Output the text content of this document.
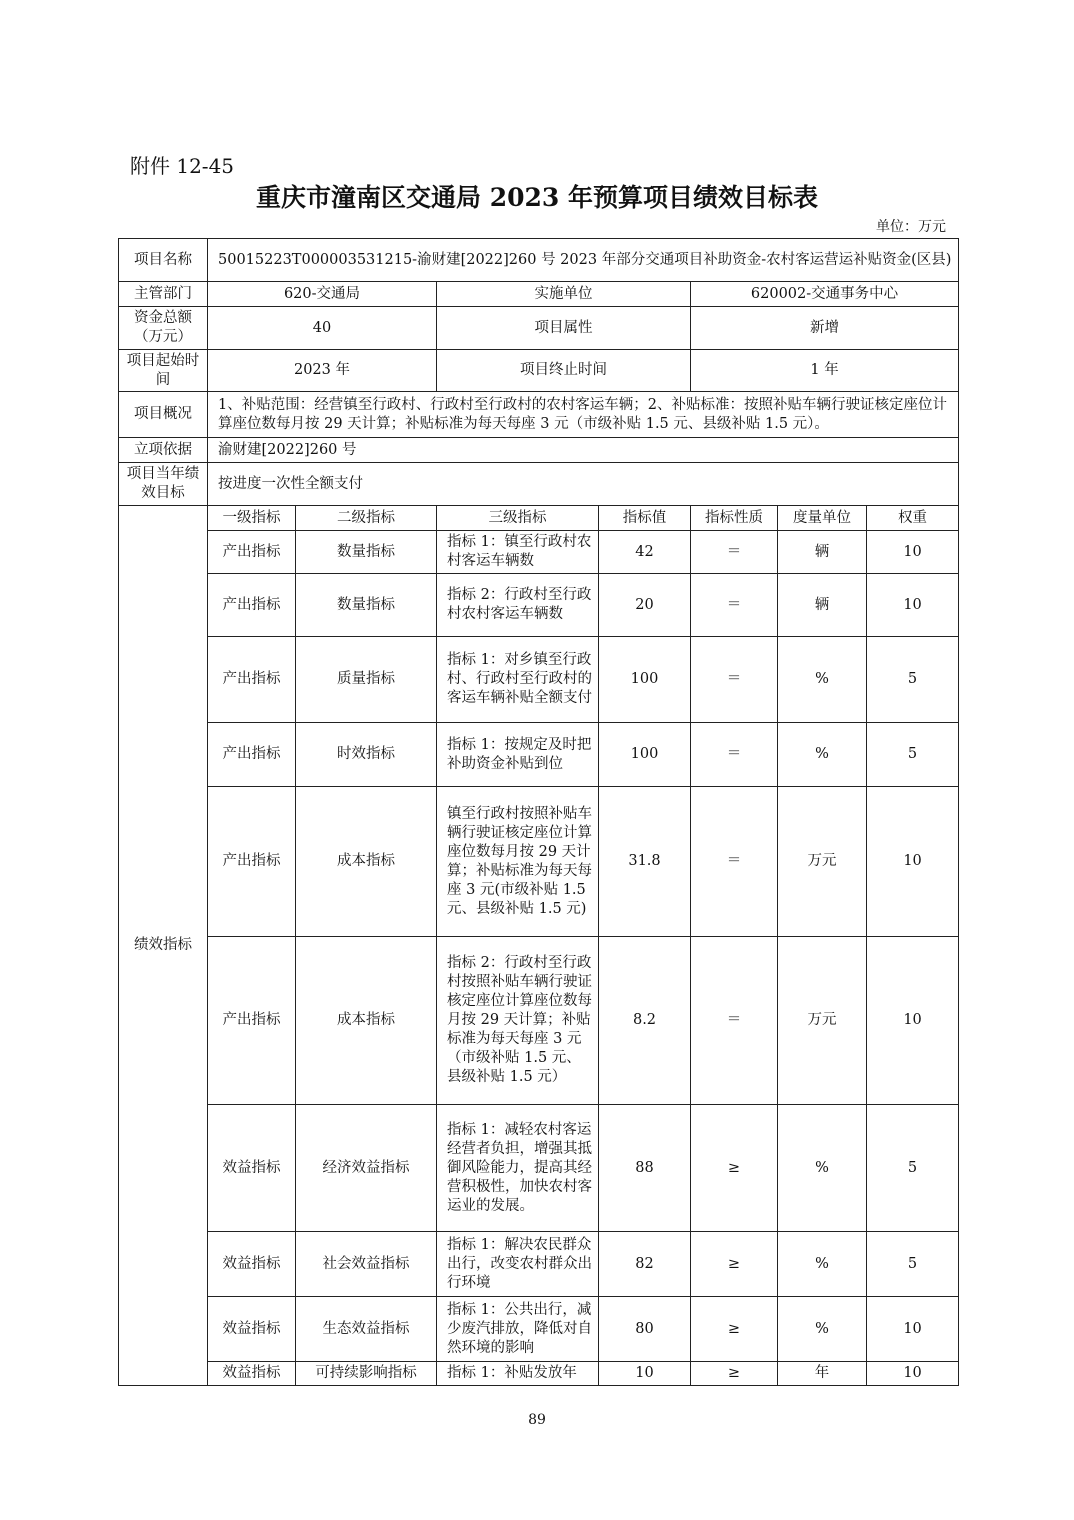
附件 12-45
重庆市潼南区交通局 2023 年预算项目绩效目标表
单位：万元
项目名称	50015223T000003531215-渝财建[2022]260 号 2023 年部分交通项目补助资金-农村客运营运补贴资金(区县)						
主管部门	620-交通局		实施单位		620002-交通事务中心		
资金总额（万元）	40		项目属性		新增		
项目起始时间	2023 年		项目终止时间		1 年		
项目概况	1、补贴范围：经营镇至行政村、行政村至行政村的农村客运车辆；2、补贴标准：按照补贴车辆行驶证核定座位计算座位数每月按 29 天计算；补贴标准为每天每座 3 元（市级补贴 1.5 元、县级补贴 1.5 元）。						
立项依据	渝财建[2022]260 号						
项目当年绩效目标	按进度一次性全额支付						
绩效指标	一级指标	二级指标	三级指标	指标值	指标性质	度量单位	权重
	产出指标	数量指标	指标 1：镇至行政村农村客运车辆数	42	＝	辆	10
	产出指标	数量指标	指标 2：行政村至行政村农村客运车辆数	20	＝	辆	10
	产出指标	质量指标	指标 1：对乡镇至行政村、行政村至行政村的客运车辆补贴全额支付	100	＝	%	5
	产出指标	时效指标	指标 1：按规定及时把补助资金补贴到位	100	＝	%	5
	产出指标	成本指标	镇至行政村按照补贴车辆行驶证核定座位计算座位数每月按 29 天计算；补贴标准为每天每座 3 元(市级补贴 1.5 元、县级补贴 1.5 元)	31.8	＝	万元	10
	产出指标	成本指标	指标 2：行政村至行政村按照补贴车辆行驶证核定座位计算座位数每月按 29 天计算；补贴标准为每天每座 3 元（市级补贴 1.5 元、县级补贴 1.5 元）	8.2	＝	万元	10
	效益指标	经济效益指标	指标 1：减轻农村客运经营者负担，增强其抵御风险能力，提高其经营积极性，加快农村客运业的发展。	88	≥	%	5
	效益指标	社会效益指标	指标 1：解决农民群众出行，改变农村群众出行环境	82	≥	%	5
	效益指标	生态效益指标	指标 1：公共出行，减少废汽排放，降低对自然环境的影响	80	≥	%	10
	效益指标	可持续影响指标	指标 1：补贴发放年	10	≥	年	10
89
